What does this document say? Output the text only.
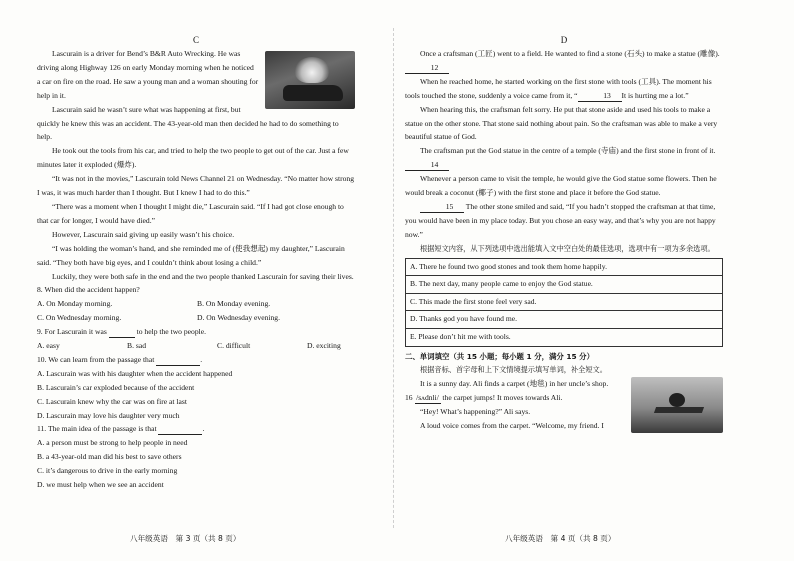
C

Lascurain is a driver for Bend’s B&R Auto Wrecking. He was driving along Highway 126 on early Monday morning when he noticed a car on fire on the road. He saw a young man and a woman shouting for help in it.

Lascurain said he wasn’t sure what was happening at first, but quickly he knew this was an accident. The 43-year-old man then decided he had to do something to help.

He took out the tools from his car, and tried to help the two people to get out of the car. Just a few minutes later it exploded (爆炸).

“It was not in the movies,” Lascurain told News Channel 21 on Wednesday. “No matter how strong I was, it was much harder than I thought. But I knew I had to do this.”

“There was a moment when I thought I might die,” Lascurain said. “If I had got close enough to that car for longer, I would have died.”

However, Lascurain said giving up easily wasn’t his choice.

“I was holding the woman’s hand, and she reminded me of (使我想起) my daughter,” Lascurain said. “They both have big eyes, and I couldn’t think about losing a child.”

Luckily, they were both safe in the end and the two people thanked Lascurain for saving their lives.

8. When did the accident happen?

A. On Monday morning.	B. On Monday evening.
C. On Wednesday morning.	D. On Wednesday evening.

9. For Lascurain it was	to help the two people.

A. easy	B. sad	C. difficult	D. exciting

10. We can learn from the passage that	.

A. Lascurain was with his daughter when the accident happened

B. Lascurain’s car exploded because of the accident

C. Lascurain knew why the car was on fire at last

D. Lascurain may love his daughter very much

11. The main idea of the passage is that	.

A. a person must be strong to help people in need

B. a 43-year-old man did his best to save others

C. it’s dangerous to drive in the early morning

D. we must help when we see an accident

D

Once a craftsman (工匠) went to a field. He wanted to find a stone (石头) to make a statue (雕像). 12

When he reached home, he started working on the first stone with tools (工具). The moment his tools touched the stone, suddenly a voice came from it, “	13 It is hurting me a lot.”

When hearing this, the craftsman felt sorry. He put that stone aside and used his tools to make a statue on the other stone. That stone said nothing about pain. So the craftsman was able to make a very beautiful statue of God.

The craftsman put the God statue in the centre of a temple (寺庙) and the first stone in front of it. 14

Whenever a person came to visit the temple, he would give the God statue some flowers. Then he would break a coconut (椰子) with the first stone and place it before the God statue.

15 The other stone smiled and said, “If you hadn’t stopped the craftsman at that time, you would have been in my place today. But you chose an easy way, and that’s why you are not happy now.”

根据短文内容，从下列选项中选出能填入文中空白处的最佳选项，选项中有一项为多余选项。

A. There he found two good stones and took them home happily.
B. The next day, many people came to enjoy the God statue.
C. This made the first stone feel very sad.
D. Thanks god you have found me.
E. Please don’t hit me with tools.

二、单词填空（共 15 小题；每小题 1 分，满分 15 分）

根据音标、首字母和上下文情境提示填写单词，补全短文。

It is a sunny day. Ali finds a carpet (地毯) in her uncle’s shop.

16 /sʌdnli/ the carpet jumps! It moves towards Ali.

“Hey! What’s happening?” Ali says.

A loud voice comes from the carpet. “Welcome, my friend. I

八年级英语　第 3 页（共 8 页）	八年级英语　第 4 页（共 8 页）
